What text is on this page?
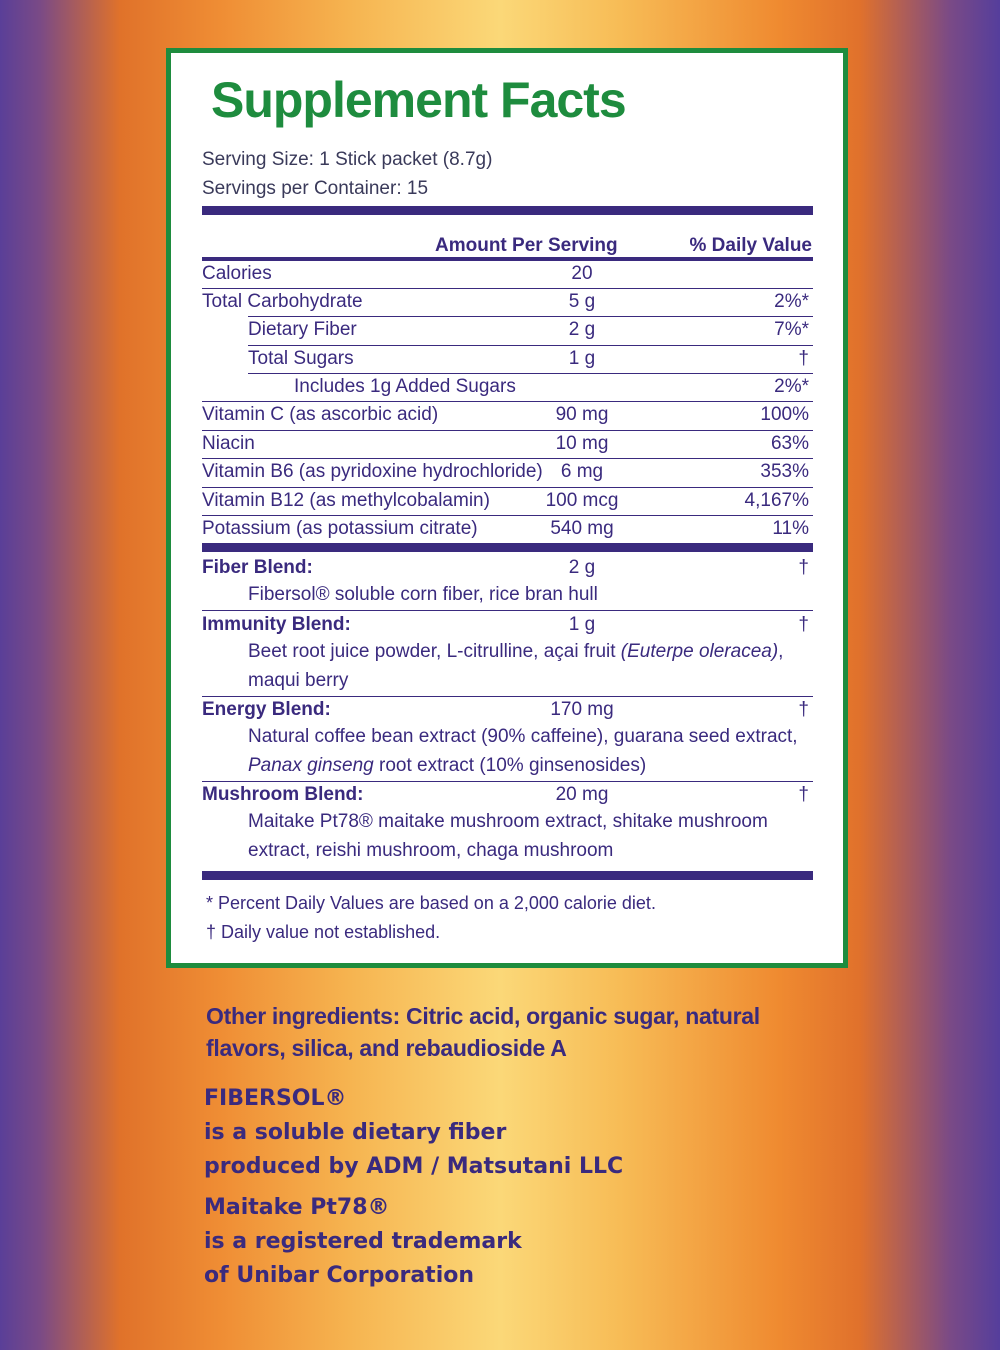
Supplement Facts
Serving Size: 1 Stick packet (8.7g)
Servings per Container: 15
Amount Per Serving	% Daily Value
Calories	20
Total Carbohydrate	5 g	2%*
Dietary Fiber	2 g	7%*
Total Sugars	1 g	†
Includes 1g Added Sugars	2%*
Vitamin C (as ascorbic acid)	90 mg	100%
Niacin	10 mg	63%
Vitamin B6 (as pyridoxine hydrochloride) 6 mg	353%
Vitamin B12 (as methylcobalamin)	100 mcg	4,167%
Potassium (as potassium citrate)	540 mg	11%
Fiber Blend:	2 g	†
Fibersol® soluble corn fiber, rice bran hull
Immunity Blend:	1 g	†
Beet root juice powder, L-citrulline, açai fruit (Euterpe oleracea),
maqui berry
Energy Blend:	170 mg	†
Natural coffee bean extract (90% caffeine), guarana seed extract,
Panax ginseng root extract (10% ginsenosides)
Mushroom Blend:	20 mg	†
Maitake Pt78® maitake mushroom extract, shitake mushroom
extract, reishi mushroom, chaga mushroom
* Percent Daily Values are based on a 2,000 calorie diet.
† Daily value not established.
Other ingredients: Citric acid, organic sugar, natural
flavors, silica, and rebaudioside A
FIBERSOL®
is a soluble dietary fiber
produced by ADM / Matsutani LLC
Maitake Pt78®
is a registered trademark
of Unibar Corporation
